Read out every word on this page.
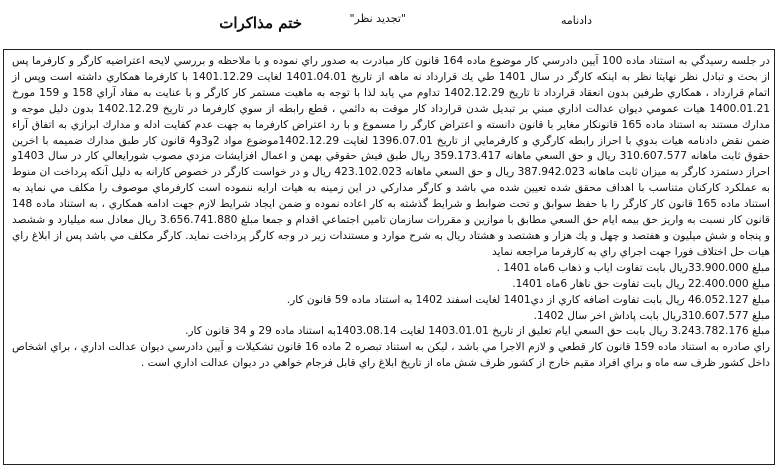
دادنامه
"تجدید نظر"
ختم مذاکرات

در جلسه رسيدگي به استناد ماده 100 آيين دادرسي كار موضوع ماده 164 قانون كار مبادرت به صدور راي نموده و با ملاحظه و بررسي لايحه اعتراضيه كارگر و كارفرما پس از بحث و تبادل نظر نهايتا نظر به اينكه كارگر در سال 1401 طي يك قرارداد نه ماهه از تاريخ 1401.04.01 لغايت 1401.12.29 با كارفرما همكاري داشته است وپس از اتمام قرارداد ، همكاري طرفين بدون انعقاد قرارداد تا تاريخ 1402.12.29 تداوم مي يابد لذا با توجه به ماهيت مستمر كار كارگر و با عنايت به مفاد آراي 158 و 159 مورخ 1400.01.21 هيات عمومي ديوان عدالت اداري مبني بر تبديل شدن قرارداد كار موقت به دائمي ، قطع رابطه از سوي كارفرما در تاريخ 1402.12.29 بدون دليل موجه و مدارك مستند به استناد ماده 165 قانونكار مغاير با قانون دانسته و اعتراض كارگر را مسموع و با رد اعتراض كارفرما به جهت عدم كفايت ادله و مدارك ابرازي به اتفاق آراء ضمن نقض دادنامه هيات بدوي با احراز رابطه كارگري و كارفرمايي از تاريخ 1396.07.01 لغايت 1402.12.29موضوع مواد 2و3و4 قانون كار طبق مدارك ضميمه با اخرين حقوق ثابت ماهانه 310.607.577 ريال و حق السعي ماهانه 359.173.417 ريال طبق فيش حقوقي بهمن و اعمال افزايشات مزدي مصوب شورايعالي كار در سال 1403و احراز دستمزد كارگر به ميزان ثابت ماهانه 387.942.023 ريال و حق السعي ماهانه 423.102.023 ريال و در خواست كارگر در خصوص كارانه به دليل آنكه پرداخت ان منوط به عملكرد كاركنان متناسب با اهداف محقق شده تعيين شده مي باشد و كارگر مداركي در اين زمينه به هيات ارايه ننموده است كارفرماي موصوف را مكلف مي نمايد به استناد ماده 165 قانون كار كارگر را با حفظ سوابق و تحت ضوابط و شرايط گذشته به كار اعاده نموده و ضمن ايجاد شرايط لازم جهت ادامه همكاري ، به استناد ماده 148 قانون كار نسبت به واريز حق بيمه ايام حق السعي مطابق با موازين و مقررات سازمان تامين اجتماعي اقدام و جمعا مبلغ 3.656.741.880 ريال معادل سه ميليارد و ششصد و پنجاه و شش ميليون و هفتصد و چهل و يك هزار و هشتصد و هشتاد ريال به شرح موارد و مستندات زير در وجه كارگر پرداخت نمايد. كارگر مكلف مي باشد پس از ابلاغ راي هيات حل اختلاف فورا جهت اجراي راي به كارفرما مراجعه نمايد

مبلغ 33.900.000ريال بابت تفاوت اياب و ذهاب 6ماه 1401 .
مبلغ 22.400.000 ريال بابت تفاوت حق ناهار 6ماه 1401.
مبلغ 46.052.127 ريال بابت تفاوت اضافه كاري از دي1401 لغايت اسفند 1402 به استناد ماده 59 قانون كار.
مبلغ 310.607.577ريال بابت پاداش اخر سال 1402.
مبلغ 3.243.782.176 ريال بابت حق السعي ايام تعليق از تاريخ 1403.01.01 لغايت 1403.08.14به استناد ماده 29 و 34 قانون كار.

راي صادره به استناد ماده 159 قانون كار قطعي و لازم الاجرا مي باشد ، ليكن به استناد تبصره 2 ماده 16 قانون تشكيلات و آيين دادرسي ديوان عدالت اداري ، براي اشخاص داخل كشور ظرف سه ماه و براي افراد مقيم خارج از كشور ظرف شش ماه از تاريخ ابلاغ راي قابل فرجام خواهي در ديوان عدالت اداري است .
